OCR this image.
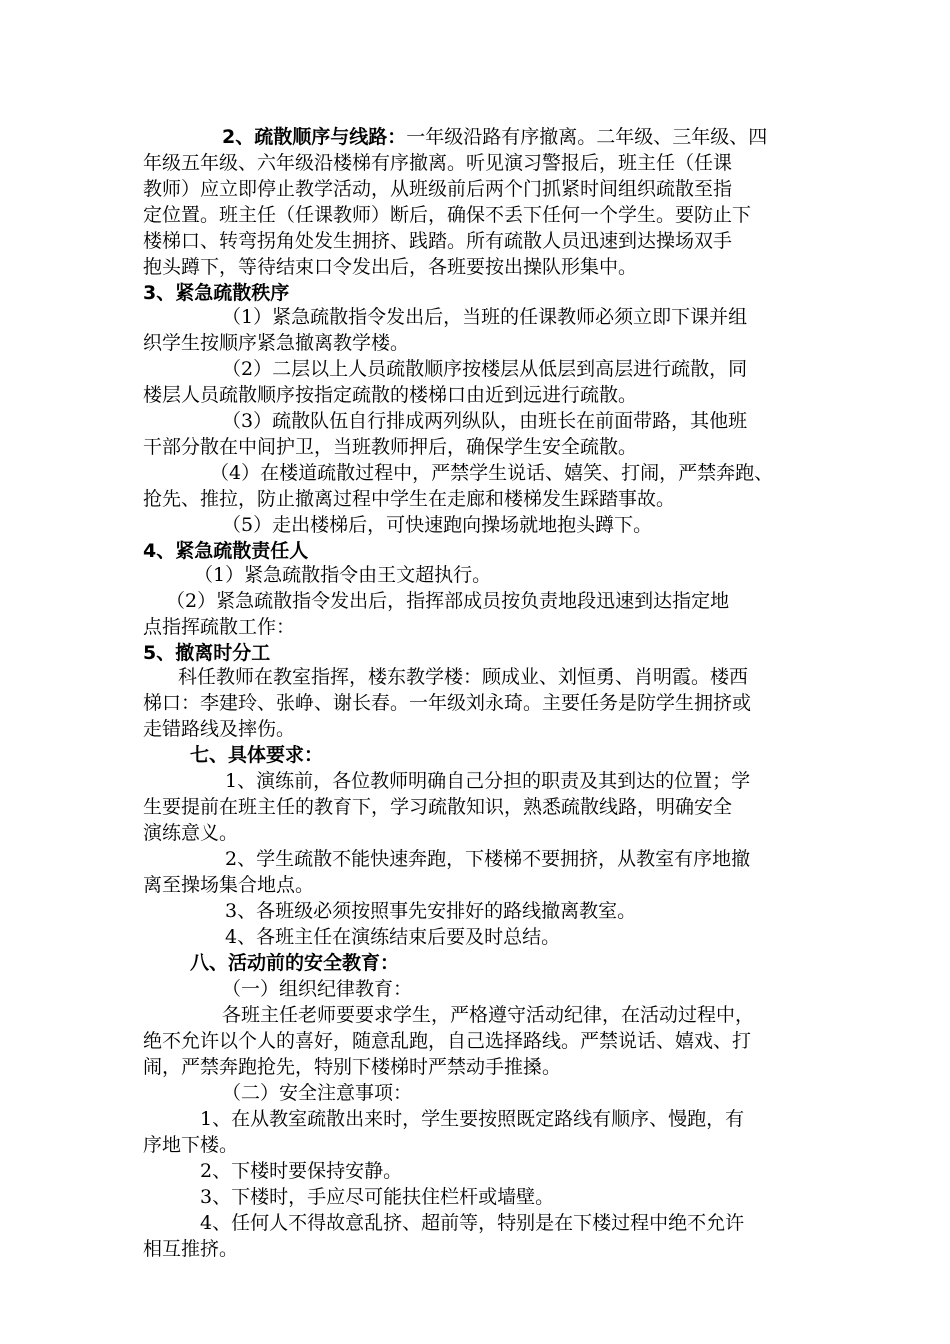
2、疏散顺序与线路：一年级沿路有序撤离。二年级、三年级、四

年级五年级、六年级沿楼梯有序撤离。听见演习警报后，班主任（任课

教师）应立即停止教学活动，从班级前后两个门抓紧时间组织疏散至指

定位置。班主任（任课教师）断后，确保不丢下任何一个学生。要防止下

楼梯口、转弯拐角处发生拥挤、践踏。所有疏散人员迅速到达操场双手

抱头蹲下，等待结束口令发出后，各班要按出操队形集中。

3、紧急疏散秩序

（1）紧急疏散指令发出后，当班的任课教师必须立即下课并组

织学生按顺序紧急撤离教学楼。

（2）二层以上人员疏散顺序按楼层从低层到高层进行疏散，同

楼层人员疏散顺序按指定疏散的楼梯口由近到远进行疏散。

（3）疏散队伍自行排成两列纵队，由班长在前面带路，其他班

干部分散在中间护卫，当班教师押后，确保学生安全疏散。

（4）在楼道疏散过程中，严禁学生说话、嬉笑、打闹，严禁奔跑、

抢先、推拉，防止撤离过程中学生在走廊和楼梯发生踩踏事故。

（5）走出楼梯后，可快速跑向操场就地抱头蹲下。

4、紧急疏散责任人

（1）紧急疏散指令由王文超执行。

（2）紧急疏散指令发出后，指挥部成员按负责地段迅速到达指定地

点指挥疏散工作：

5、撤离时分工

科任教师在教室指挥，楼东教学楼：顾成业、刘恒勇、肖明霞。楼西

梯口：李建玲、张峥、谢长春。一年级刘永琦。主要任务是防学生拥挤或

走错路线及摔伤。

七、具体要求：

1、演练前，各位教师明确自己分担的职责及其到达的位置；学

生要提前在班主任的教育下，学习疏散知识，熟悉疏散线路，明确安全

演练意义。

2、学生疏散不能快速奔跑，下楼梯不要拥挤，从教室有序地撤

离至操场集合地点。

3、各班级必须按照事先安排好的路线撤离教室。

4、各班主任在演练结束后要及时总结。

八、活动前的安全教育：

（一）组织纪律教育：

各班主任老师要要求学生，严格遵守活动纪律，在活动过程中，

绝不允许以个人的喜好，随意乱跑，自己选择路线。严禁说话、嬉戏、打

闹，严禁奔跑抢先，特别下楼梯时严禁动手推搡。

（二）安全注意事项：

1、在从教室疏散出来时，学生要按照既定路线有顺序、慢跑，有

序地下楼。

2、下楼时要保持安静。

3、下楼时，手应尽可能扶住栏杆或墙壁。

4、任何人不得故意乱挤、超前等，特别是在下楼过程中绝不允许

相互推挤。
